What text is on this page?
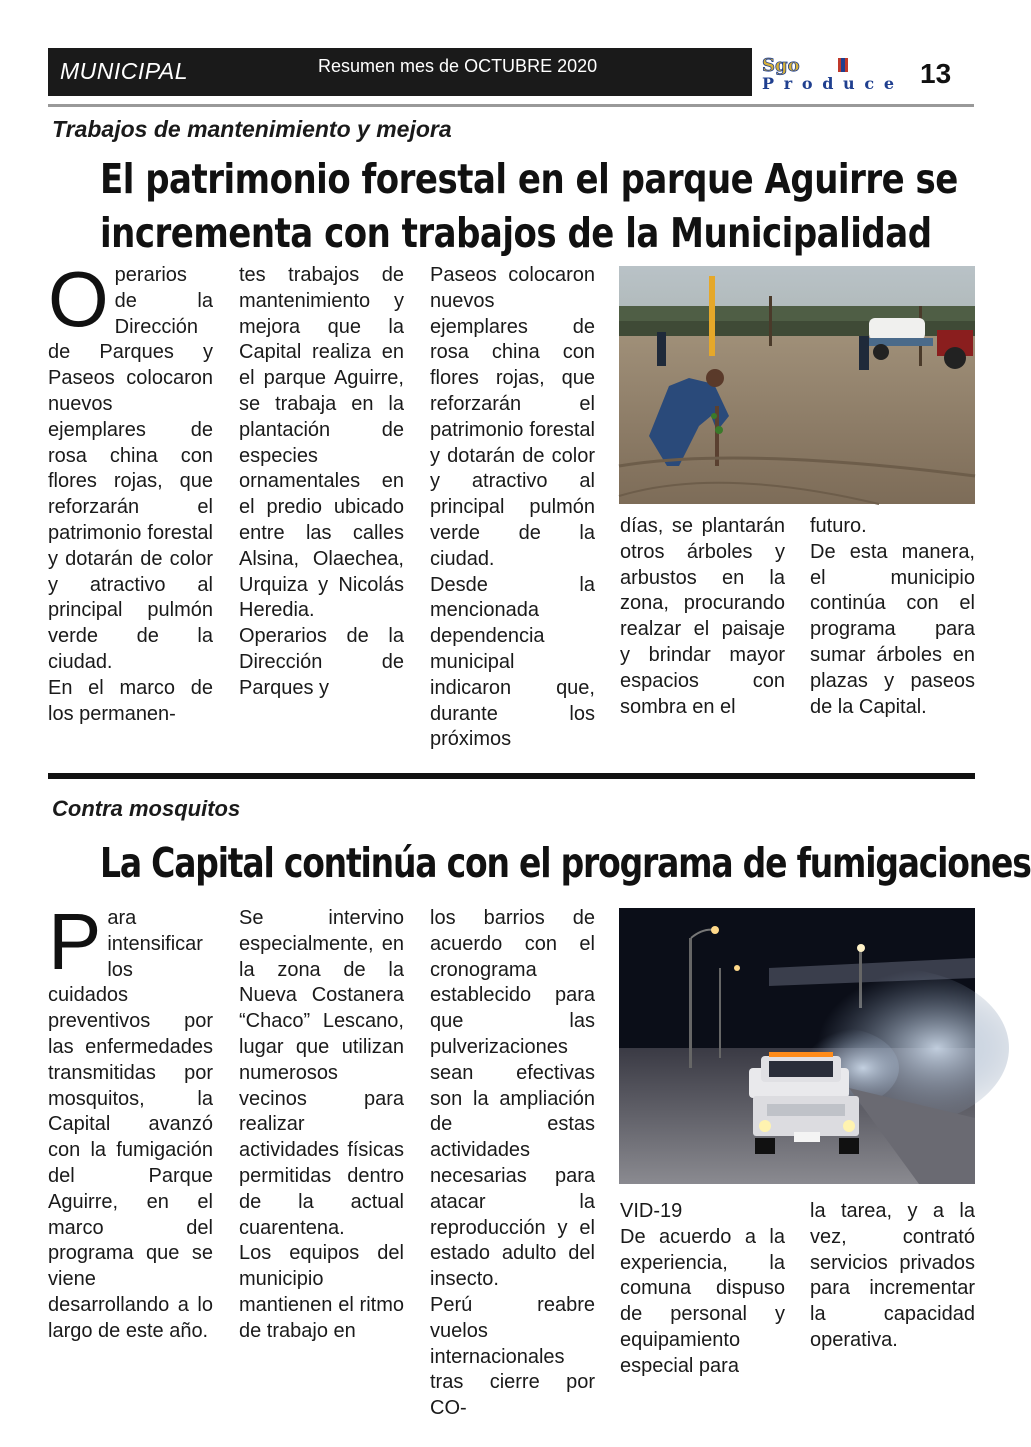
MUNICIPAL	Resumen mes de OCTUBRE 2020	Sgo
Produce 13
Trabajos de mantenimiento y mejora
El patrimonio forestal en el parque Aguirre se
incrementa con trabajos de la Municipalidad
O perarios de la Dirección de Parques y Paseos colocaron nuevos ejemplares de rosa china con flores rojas, que reforzarán el patrimonio forestal y dotarán de color y atractivo al principal pulmón verde de la ciudad.

En el marco de los permanen-

tes trabajos de mantenimiento y mejora que la Capital realiza en el parque Aguirre, se trabaja en la plantación de especies ornamentales en el predio ubicado entre las calles Alsina, Olaechea, Urquiza y Nicolás Heredia.

Operarios de la Dirección de Parques y

Paseos colocaron nuevos ejemplares de rosa china con flores rojas, que reforzarán el patrimonio forestal y dotarán de color y atractivo al principal pulmón verde de la ciudad.

Desde la mencionada dependencia municipal indicaron que, durante los próximos

días, se plantarán otros árboles y arbustos en la zona, procurando realzar el paisaje y brindar mayor espacios con sombra en el

futuro.

De esta manera, el municipio continúa con el programa para sumar árboles en plazas y paseos de la Capital.

Contra mosquitos
La Capital continúa con el programa de fumigaciones
P ara intensificar los cuidados preventivos por las enfermedades transmitidas por mosquitos, la Capital avanzó con la fumigación del Parque Aguirre, en el marco del programa que se viene desarrollando a lo largo de este año.

Se intervino especialmente, en la zona de la Nueva Costanera “Chaco” Lescano, lugar que utilizan numerosos vecinos para realizar actividades físicas permitidas dentro de la actual cuarentena.

Los equipos del municipio mantienen el ritmo de trabajo en

los barrios de acuerdo con el cronograma establecido para que las pulverizaciones sean efectivas son la ampliación de estas actividades necesarias para atacar la reproducción y el estado adulto del insecto.

Perú reabre vuelos internacionales tras cierre por CO-

VID-19

De acuerdo a la experiencia, la comuna dispuso de personal y equipamiento especial para

la tarea, y a la vez, contrató servicios privados para incrementar la capacidad operativa.
